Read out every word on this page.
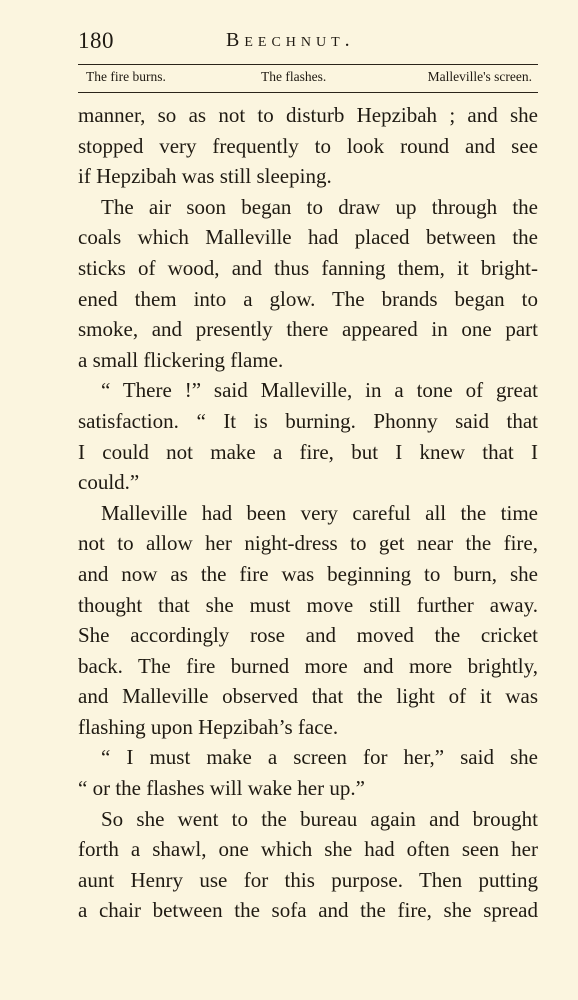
180	Beechnut.
The fire burns.	The flashes.	Malleville's screen.
manner, so as not to disturb Hepzibah ; and she
stopped very frequently to look round and see
if Hepzibah was still sleeping.
The air soon began to draw up through the
coals which Malleville had placed between the
sticks of wood, and thus fanning them, it bright-
ened them into a glow. The brands began to
smoke, and presently there appeared in one part
a small flickering flame.
“ There !” said Malleville, in a tone of great
satisfaction. “ It is burning. Phonny said that
I could not make a fire, but I knew that I
could.”
Malleville had been very careful all the time
not to allow her night-dress to get near the fire,
and now as the fire was beginning to burn, she
thought that she must move still further away.
She accordingly rose and moved the cricket
back. The fire burned more and more brightly,
and Malleville observed that the light of it was
flashing upon Hepzibah’s face.
“ I must make a screen for her,” said she
“ or the flashes will wake her up.”
So she went to the bureau again and brought
forth a shawl, one which she had often seen her
aunt Henry use for this purpose. Then putting
a chair between the sofa and the fire, she spread
